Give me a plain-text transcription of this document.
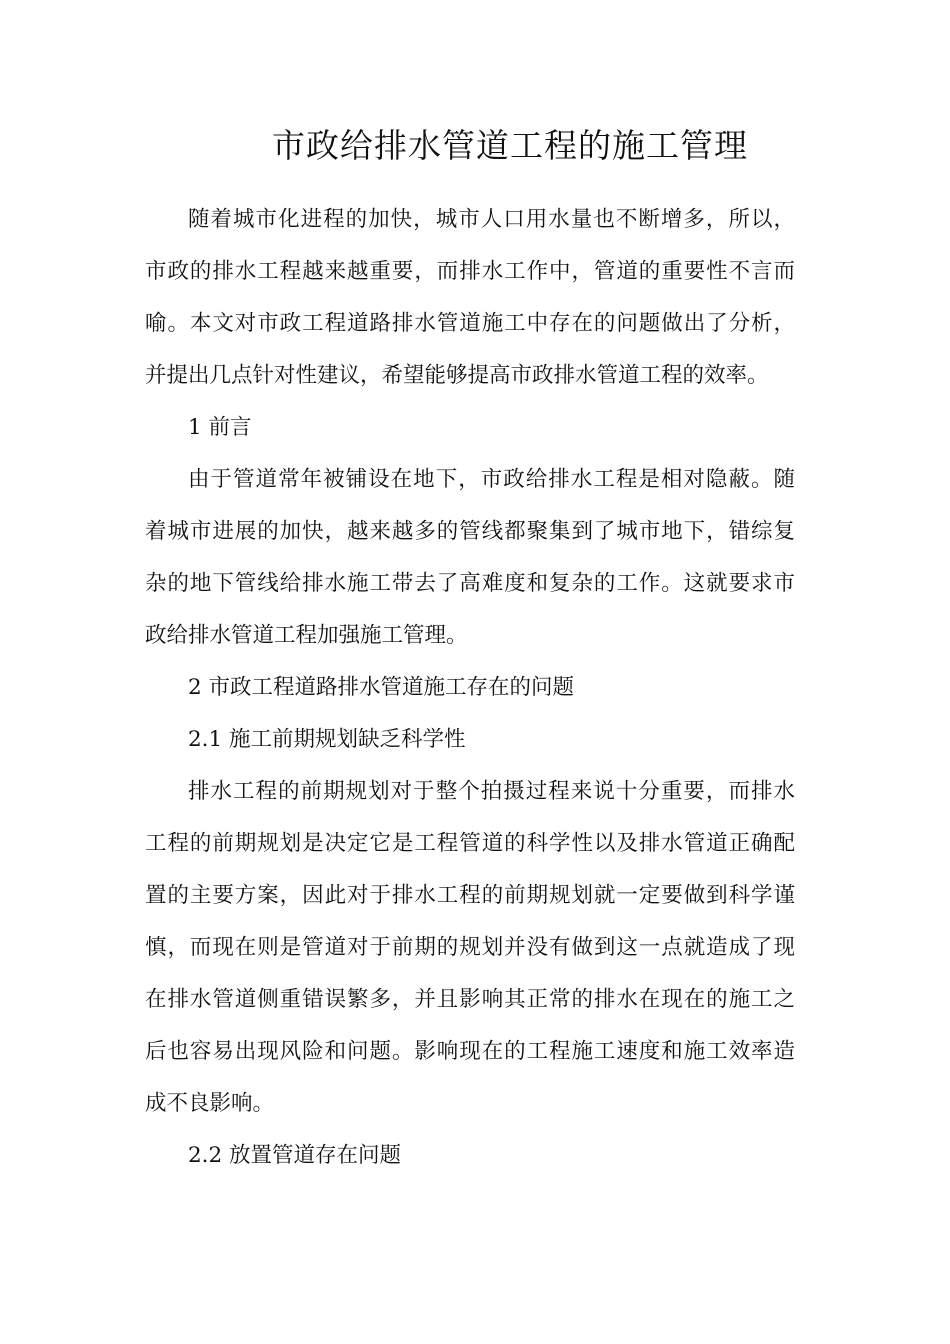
市政给排水管道工程的施工管理
随着城市化进程的加快，城市人口用水量也不断增多，所以，
市政的排水工程越来越重要，而排水工作中，管道的重要性不言而
喻。本文对市政工程道路排水管道施工中存在的问题做出了分析，
并提出几点针对性建议，希望能够提高市政排水管道工程的效率。
1 前言
由于管道常年被铺设在地下，市政给排水工程是相对隐蔽。随
着城市进展的加快，越来越多的管线都聚集到了城市地下，错综复
杂的地下管线给排水施工带去了高难度和复杂的工作。这就要求市
政给排水管道工程加强施工管理。
2 市政工程道路排水管道施工存在的问题
2.1 施工前期规划缺乏科学性
排水工程的前期规划对于整个拍摄过程来说十分重要，而排水
工程的前期规划是决定它是工程管道的科学性以及排水管道正确配
置的主要方案，因此对于排水工程的前期规划就一定要做到科学谨
慎，而现在则是管道对于前期的规划并没有做到这一点就造成了现
在排水管道侧重错误繁多，并且影响其正常的排水在现在的施工之
后也容易出现风险和问题。影响现在的工程施工速度和施工效率造
成不良影响。
2.2 放置管道存在问题
